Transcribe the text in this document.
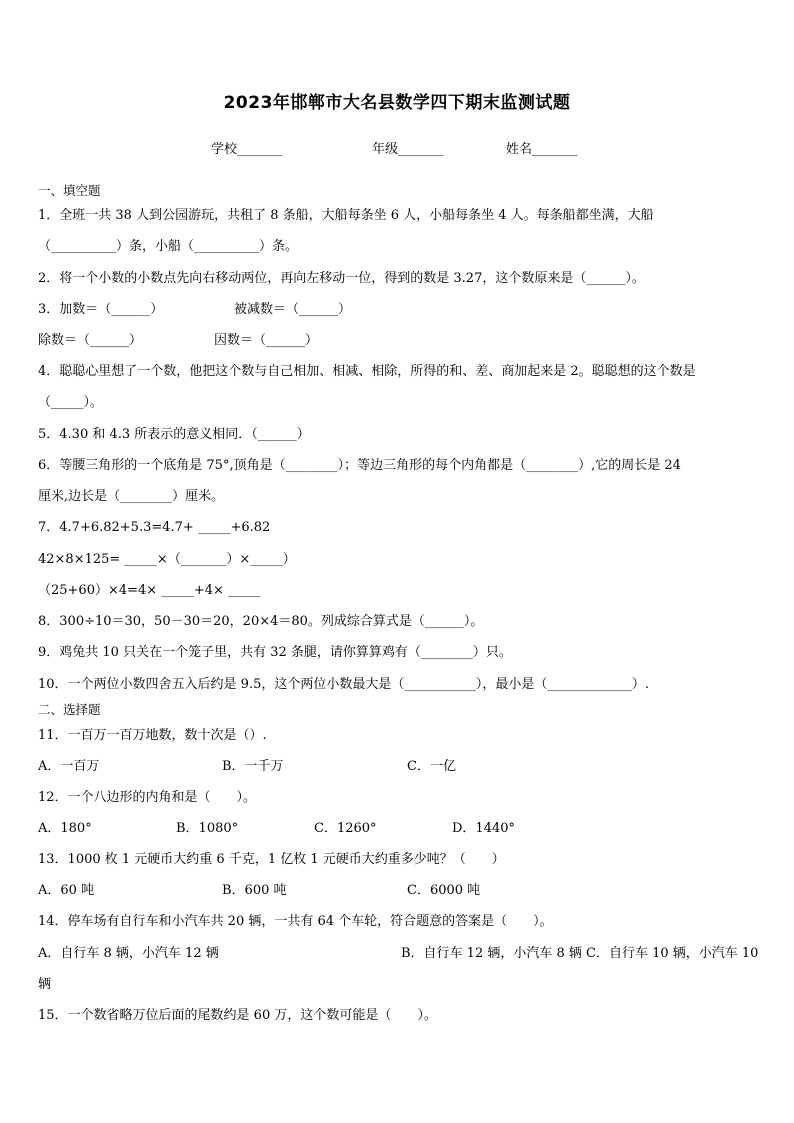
2023年邯郸市大名县数学四下期末监测试题
学校_______	年级_______	姓名_______
一、填空题
1．全班一共 38 人到公园游玩，共租了 8 条船，大船每条坐 6 人，小船每条坐 4 人。每条船都坐满，大船
（__________）条，小船（__________）条。
2．将一个小数的小数点先向右移动两位，再向左移动一位，得到的数是 3.27，这个数原来是（______）。
3．加数＝（______）	被减数＝（______）
除数＝（______）	因数＝（______）
4．聪聪心里想了一个数，他把这个数与自己相加、相减、相除，所得的和、差、商加起来是 2。聪聪想的这个数是
（_____）。
5．4.30 和 4.3 所表示的意义相同．（______）
6．等腰三角形的一个底角是 75°,顶角是（________）；等边三角形的每个内角都是（________）,它的周长是 24
厘米,边长是（________）厘米。
7．4.7+6.82+5.3=4.7+ _____+6.82
42×8×125= _____×（_______）×_____）
（25+60）×4=4× _____+4× _____
8．300÷10＝30，50－30＝20，20×4＝80。列成综合算式是（______）。
9．鸡兔共 10 只关在一个笼子里，共有 32 条腿，请你算算鸡有（________）只。
10．一个两位小数四舍五入后约是 9.5，这个两位小数最大是（___________），最小是（_____________）.
二、选择题
11．一百万一百万地数，数十次是（）.
A．一百万	B．一千万	C．一亿
12．一个八边形的内角和是（　　）。
A．180°	B．1080°	C．1260°	D．1440°
13．1000 枚 1 元硬币大约重 6 千克，1 亿枚 1 元硬币大约重多少吨？（　　）
A．60 吨	B．600 吨	C．6000 吨
14．停车场有自行车和小汽车共 20 辆，一共有 64 个车轮，符合题意的答案是（　　）。
A．自行车 8 辆，小汽车 12 辆	B．自行车 12 辆，小汽车 8 辆 C．自行车 10 辆，小汽车 10
辆
15．一个数省略万位后面的尾数约是 60 万，这个数可能是（　　）。
